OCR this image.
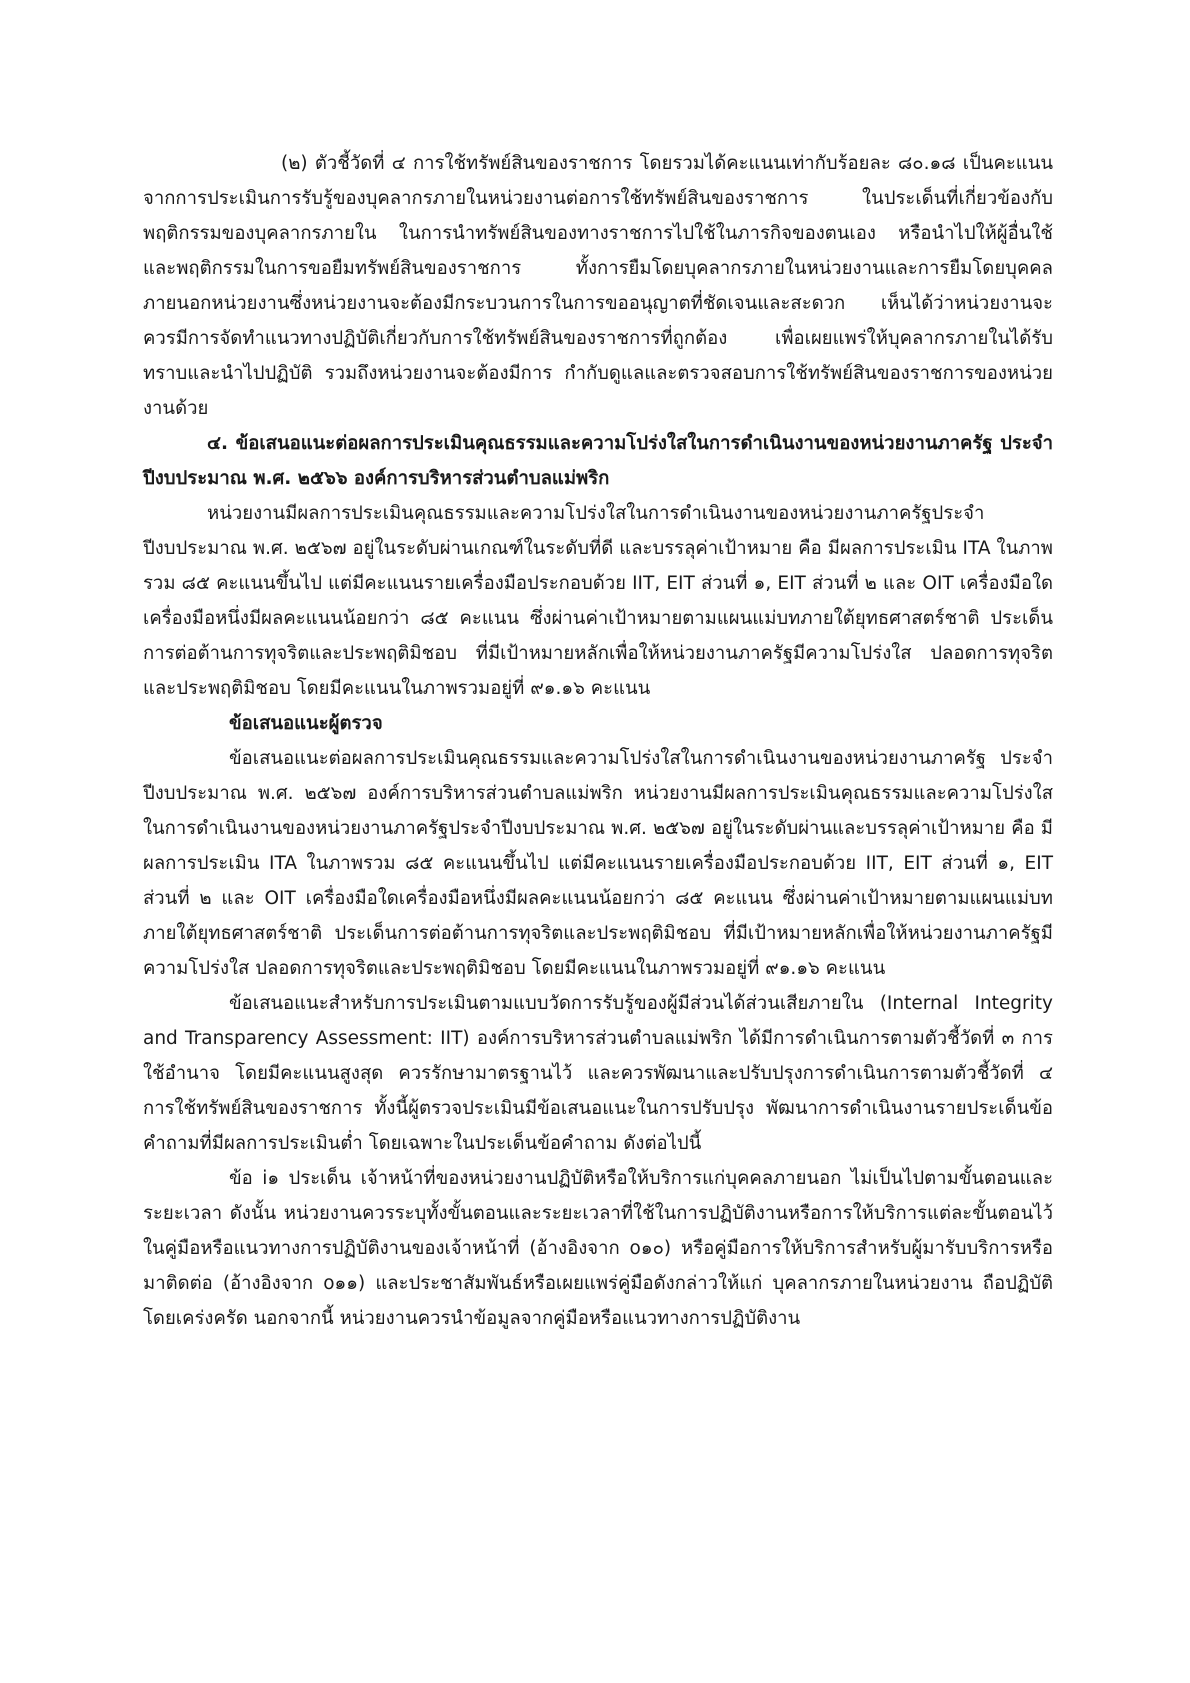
(๒) ตัวชี้วัดที่ ๔ การใช้ทรัพย์สินของราชการ โดยรวมได้คะแนนเท่ากับร้อยละ ๘๐.๑๘ เป็นคะแนนจากการประเมินการรับรู้ของบุคลากรภายในหน่วยงานต่อการใช้ทรัพย์สินของราชการ ในประเด็นที่เกี่ยวข้องกับพฤติกรรมของบุคลากรภายใน ในการนำทรัพย์สินของทางราชการไปใช้ในภารกิจของตนเอง หรือนำไปให้ผู้อื่นใช้ และพฤติกรรมในการขอยืมทรัพย์สินของราชการ ทั้งการยืมโดยบุคลากรภายในหน่วยงานและการยืมโดยบุคคลภายนอกหน่วยงานซึ่งหน่วยงานจะต้องมีกระบวนการในการขออนุญาตที่ชัดเจนและสะดวก เห็นได้ว่าหน่วยงานจะควรมีการจัดทำแนวทางปฏิบัติเกี่ยวกับการใช้ทรัพย์สินของราชการที่ถูกต้อง เพื่อเผยแพร่ให้บุคลากรภายในได้รับทราบและนำไปปฏิบัติ รวมถึงหน่วยงานจะต้องมีการ กำกับดูแลและตรวจสอบการใช้ทรัพย์สินของราชการของหน่วยงานด้วย

๔. ข้อเสนอแนะต่อผลการประเมินคุณธรรมและความโปร่งใสในการดำเนินงานของหน่วยงานภาครัฐ ประจำปีงบประมาณ พ.ศ. ๒๕๖๖ องค์การบริหารส่วนตำบลแม่พริก

หน่วยงานมีผลการประเมินคุณธรรมและความโปร่งใสในการดำเนินงานของหน่วยงานภาครัฐประจำปีงบประมาณ พ.ศ. ๒๕๖๗ อยู่ในระดับผ่านเกณฑ์ในระดับที่ดี และบรรลุค่าเป้าหมาย คือ มีผลการประเมิน ITA ในภาพรวม ๘๕ คะแนนขึ้นไป แต่มีคะแนนรายเครื่องมือประกอบด้วย IIT, EIT ส่วนที่ ๑, EIT ส่วนที่ ๒ และ OIT เครื่องมือใดเครื่องมือหนึ่งมีผลคะแนนน้อยกว่า ๘๕ คะแนน ซึ่งผ่านค่าเป้าหมายตามแผนแม่บทภายใต้ยุทธศาสตร์ชาติ ประเด็นการต่อต้านการทุจริตและประพฤติมิชอบ ที่มีเป้าหมายหลักเพื่อให้หน่วยงานภาครัฐมีความโปร่งใส ปลอดการทุจริตและประพฤติมิชอบ โดยมีคะแนนในภาพรวมอยู่ที่ ๙๑.๑๖ คะแนน

ข้อเสนอแนะผู้ตรวจ

ข้อเสนอแนะต่อผลการประเมินคุณธรรมและความโปร่งใสในการดำเนินงานของหน่วยงานภาครัฐ ประจำปีงบประมาณ พ.ศ. ๒๕๖๗ องค์การบริหารส่วนตำบลแม่พริก หน่วยงานมีผลการประเมินคุณธรรมและความโปร่งใสในการดำเนินงานของหน่วยงานภาครัฐประจำปีงบประมาณ พ.ศ. ๒๕๖๗ อยู่ในระดับผ่านและบรรลุค่าเป้าหมาย คือ มีผลการประเมิน ITA ในภาพรวม ๘๕ คะแนนขึ้นไป แต่มีคะแนนรายเครื่องมือประกอบด้วย IIT, EIT ส่วนที่ ๑, EIT ส่วนที่ ๒ และ OIT เครื่องมือใดเครื่องมือหนึ่งมีผลคะแนนน้อยกว่า ๘๕ คะแนน ซึ่งผ่านค่าเป้าหมายตามแผนแม่บทภายใต้ยุทธศาสตร์ชาติ ประเด็นการต่อต้านการทุจริตและประพฤติมิชอบ ที่มีเป้าหมายหลักเพื่อให้หน่วยงานภาครัฐมีความโปร่งใส ปลอดการทุจริตและประพฤติมิชอบ โดยมีคะแนนในภาพรวมอยู่ที่ ๙๑.๑๖ คะแนน

ข้อเสนอแนะสำหรับการประเมินตามแบบวัดการรับรู้ของผู้มีส่วนได้ส่วนเสียภายใน (Internal Integrity and Transparency Assessment: IIT) องค์การบริหารส่วนตำบลแม่พริก ได้มีการดำเนินการตามตัวชี้วัดที่ ๓ การใช้อำนาจ โดยมีคะแนนสูงสุด ควรรักษามาตรฐานไว้ และควรพัฒนาและปรับปรุงการดำเนินการตามตัวชี้วัดที่ ๔ การใช้ทรัพย์สินของราชการ ทั้งนี้ผู้ตรวจประเมินมีข้อเสนอแนะในการปรับปรุง พัฒนาการดำเนินงานรายประเด็นข้อคำถามที่มีผลการประเมินต่ำ โดยเฉพาะในประเด็นข้อคำถาม ดังต่อไปนี้

ข้อ i๑ ประเด็น เจ้าหน้าที่ของหน่วยงานปฏิบัติหรือให้บริการแก่บุคคลภายนอก ไม่เป็นไปตามขั้นตอนและระยะเวลา ดังนั้น หน่วยงานควรระบุทั้งขั้นตอนและระยะเวลาที่ใช้ในการปฏิบัติงานหรือการให้บริการแต่ละขั้นตอนไว้ในคู่มือหรือแนวทางการปฏิบัติงานของเจ้าหน้าที่ (อ้างอิงจาก o๑๐) หรือคู่มือการให้บริการสำหรับผู้มารับบริการหรือมาติดต่อ (อ้างอิงจาก o๑๑) และประชาสัมพันธ์หรือเผยแพร่คู่มือดังกล่าวให้แก่ บุคลากรภายในหน่วยงาน ถือปฏิบัติโดยเคร่งครัด นอกจากนี้ หน่วยงานควรนำข้อมูลจากคู่มือหรือแนวทางการปฏิบัติงาน
